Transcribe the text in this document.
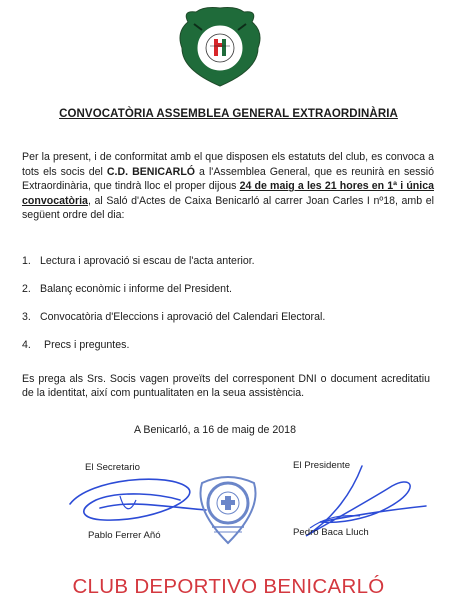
CONVOCATÒRIA ASSEMBLEA GENERAL EXTRAORDINÀRIA

Per la present, i de conformitat amb el que disposen els estatuts del club, es convoca a tots els socis del C.D. BENICARLÓ a l'Assemblea General, que es reunirà en sessió Extraordinària, que tindrà lloc el proper dijous 24 de maig a les 21 hores en 1ª i única convocatòria, al Saló d'Actes de Caixa Benicarló al carrer Joan Carles I nº18, amb el següent ordre del dia:

1. Lectura i aprovació si escau de l'acta anterior.
2. Balanç econòmic i informe del President.
3. Convocatòria d'Eleccions i aprovació del Calendari Electoral.
4. Precs i preguntes.

Es prega als Srs. Socis vagen proveïts del corresponent DNI o document acreditatiu de la identitat, així com puntualitaten en la seua assistència.

A Benicarló, a 16 de maig de 2018
El Secretario	El Presidente
Pablo Ferrer Añó	Pedro Baca Lluch
CLUB DEPORTIVO BENICARLÓ
